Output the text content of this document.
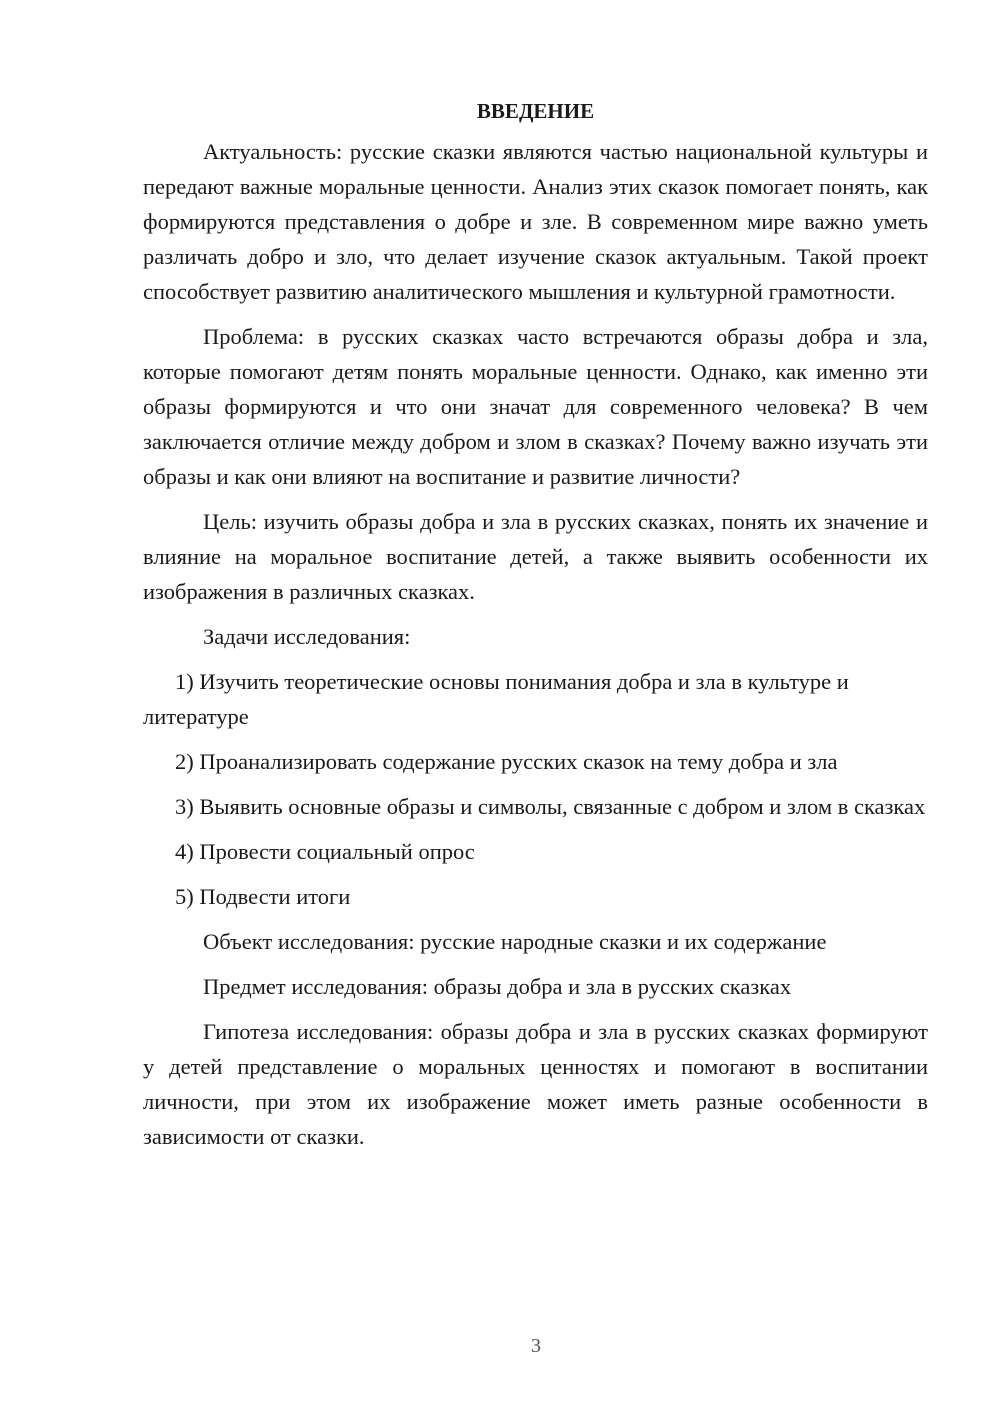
ВВЕДЕНИЕ

Актуальность: русские сказки являются частью национальной культуры и передают важные моральные ценности. Анализ этих сказок помогает понять, как формируются представления о добре и зле. В современном мире важно уметь различать добро и зло, что делает изучение сказок актуальным. Такой проект способствует развитию аналитического мышления и культурной грамотности.

Проблема: в русских сказках часто встречаются образы добра и зла, которые помогают детям понять моральные ценности. Однако, как именно эти образы формируются и что они значат для современного человека? В чем заключается отличие между добром и злом в сказках? Почему важно изучать эти образы и как они влияют на воспитание и развитие личности?

Цель: изучить образы добра и зла в русских сказках, понять их значение и влияние на моральное воспитание детей, а также выявить особенности их изображения в различных сказках.

Задачи исследования:

1) Изучить теоретические основы понимания добра и зла в культуре и литературе

2) Проанализировать содержание русских сказок на тему добра и зла

3) Выявить основные образы и символы, связанные с добром и злом в сказках

4) Провести социальный опрос

5) Подвести итоги

Объект исследования: русские народные сказки и их содержание

Предмет исследования: образы добра и зла в русских сказках

Гипотеза исследования: образы добра и зла в русских сказках формируют у детей представление о моральных ценностях и помогают в воспитании личности, при этом их изображение может иметь разные особенности в зависимости от сказки.

3
